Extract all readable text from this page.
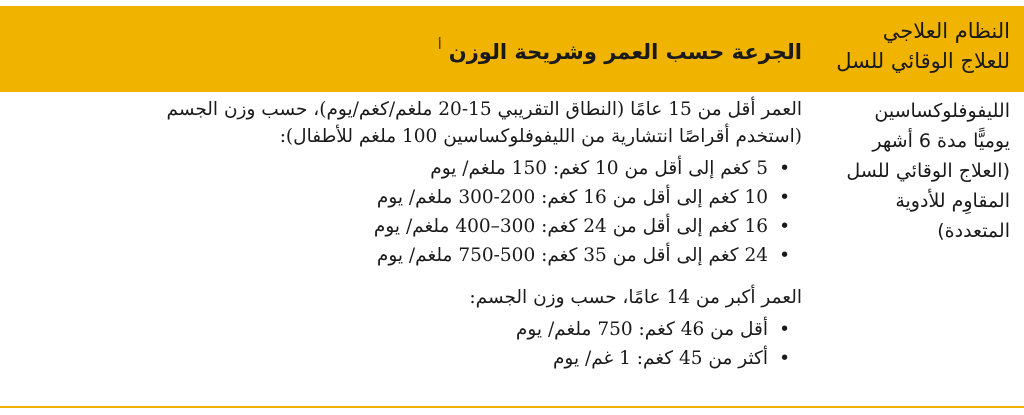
النظام العلاجي
للعلاج الوقائي للسل
الجرعة حسب العمر وشريحة الوزن $^أ$
الليفوفلوكساسين
يوميًّا مدة 6 أشهر
(العلاج الوقائي للسل
المقاوِم للأدوية
المتعددة)

العمر أقل من 15 عامًا (النطاق التقريبي 15-20 ملغم/كغم/يوم)، حسب وزن الجسم
(استخدم أقراصًا انتشارية من الليفوفلوكساسين 100 ملغم للأطفال):

• 5 كغم إلى أقل من 10 كغم: 150 ملغم/ يوم
• 10 كغم إلى أقل من 16 كغم: 200-300 ملغم/ يوم
• 16 كغم إلى أقل من 24 كغم: 300–400 ملغم/ يوم
• 24 كغم إلى أقل من 35 كغم: 500-750 ملغم/ يوم

العمر أكبر من 14 عامًا، حسب وزن الجسم:

• أقل من 46 كغم: 750 ملغم/ يوم
• أكثر من 45 كغم: 1 غم/ يوم
